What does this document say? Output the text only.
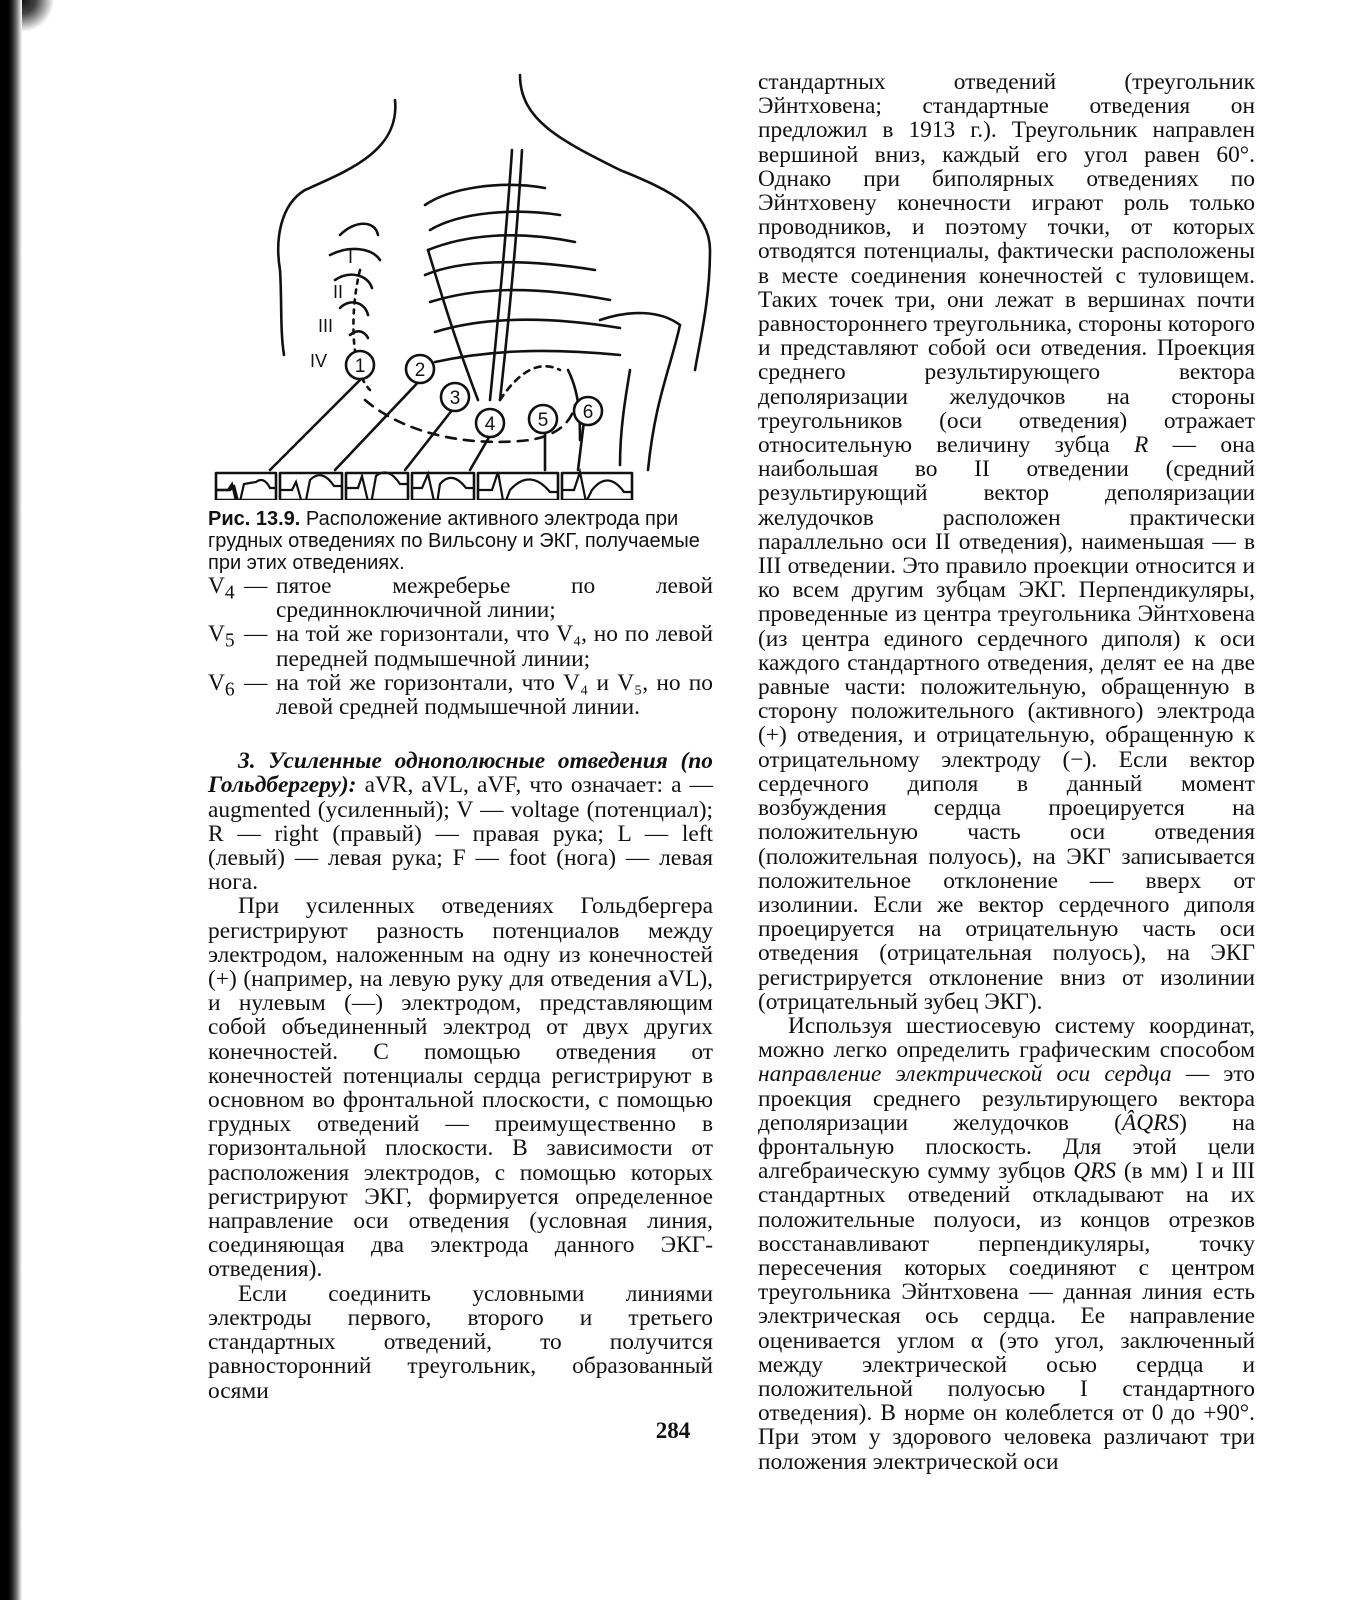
I
II
III
IV 1	2
3
4 5 6

Рис. 13.9. Расположение активного электрода при грудных отведениях по Вильсону и ЭКГ, получаемые при этих отведениях.

$V_4$ — пятое межреберье по левой срединноключичной линии;
$V_5$ — на той же горизонтали, что V₄, но по левой передней подмышечной линии;
$V_6$ — на той же горизонтали, что V₄ и V₅, но по левой средней подмышечной линии.

3. Усиленные однополюсные отведения (по Гольдбергеру): aVR, aVL, aVF, что означает: a — augmented (усиленный); V — voltage (потенциал); R — right (правый) — правая рука; L — left (левый) — левая рука; F — foot (нога) — левая нога.

При усиленных отведениях Гольдбергера регистрируют разность потенциалов между электродом, наложенным на одну из конечностей (+) (например, на левую руку для отведения aVL), и нулевым (—) электродом, представляющим собой объединенный электрод от двух других конечностей. С помощью отведения от конечностей потенциалы сердца регистрируют в основном во фронтальной плоскости, с помощью грудных отведений — преимущественно в горизонтальной плоскости. В зависимости от расположения электродов, с помощью которых регистрируют ЭКГ, формируется определенное направление оси отведения (условная линия, соединяющая два электрода данного ЭКГ-отведения).

Если соединить условными линиями электроды первого, второго и третьего стандартных отведений, то получится равносторонний треугольник, образованный осями

стандартных отведений (треугольник Эйнтховена; стандартные отведения он предложил в 1913 г.). Треугольник направлен вершиной вниз, каждый его угол равен 60°. Однако при биполярных отведениях по Эйнтховену конечности играют роль только проводников, и поэтому точки, от которых отводятся потенциалы, фактически расположены в месте соединения конечностей с туловищем. Таких точек три, они лежат в вершинах почти равностороннего треугольника, стороны которого и представляют собой оси отведения. Проекция среднего результирующего вектора деполяризации желудочков на стороны треугольников (оси отведения) отражает относительную величину зубца R — она наибольшая во II отведении (средний результирующий вектор деполяризации желудочков расположен практически параллельно оси II отведения), наименьшая — в III отведении. Это правило проекции относится и ко всем другим зубцам ЭКГ. Перпендикуляры, проведенные из центра треугольника Эйнтховена (из центра единого сердечного диполя) к оси каждого стандартного отведения, делят ее на две равные части: положительную, обращенную в сторону положительного (активного) электрода (+) отведения, и отрицательную, обращенную к отрицательному электроду (−). Если вектор сердечного диполя в данный момент возбуждения сердца проецируется на положительную часть оси отведения (положительная полуось), на ЭКГ записывается положительное отклонение — вверх от изолинии. Если же вектор сердечного диполя проецируется на отрицательную часть оси отведения (отрицательная полуось), на ЭКГ регистрируется отклонение вниз от изолинии (отрицательный зубец ЭКГ).

Используя шестиосевую систему координат, можно легко определить графическим способом направление электрической оси сердца — это проекция среднего результирующего вектора деполяризации желудочков (ÂQRS) на фронтальную плоскость. Для этой цели алгебраическую сумму зубцов QRS (в мм) I и III стандартных отведений откладывают на их положительные полуоси, из концов отрезков восстанавливают перпендикуляры, точку пересечения которых соединяют с центром треугольника Эйнтховена — данная линия есть электрическая ось сердца. Ее направление оценивается углом α (это угол, заключенный между электрической осью сердца и положительной полуосью I стандартного отведения). В норме он колеблется от 0 до +90°. При этом у здорового человека различают три положения электрической оси

284
